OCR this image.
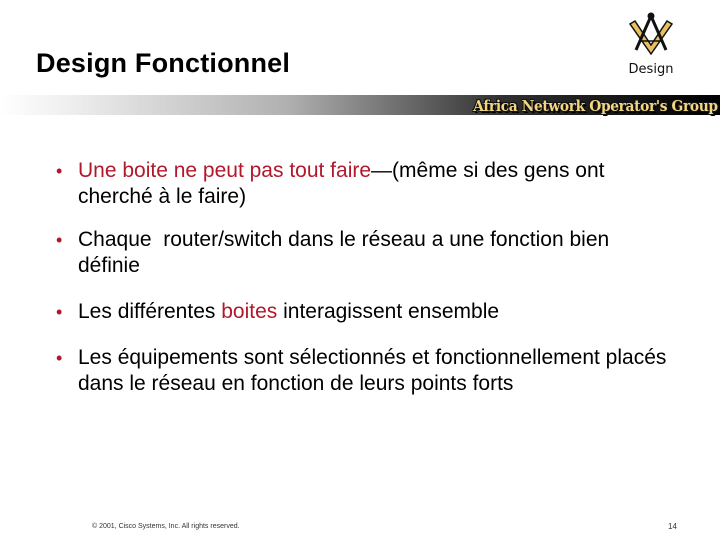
Design Fonctionnel	Design
Africa Network Operator's Group
• Une boite ne peut pas tout faire—(même si des gens ont cherché à le faire)
• Chaque  router/switch dans le réseau a une fonction bien définie
• Les différentes boites interagissent ensemble
• Les équipements sont sélectionnés et fonctionnellement placés dans le réseau en fonction de leurs points forts
© 2001, Cisco Systems, Inc. All rights reserved.	14
